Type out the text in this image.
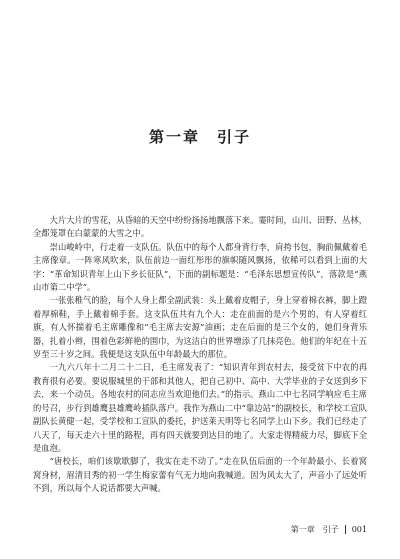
第一章　引子

大片大片的雪花，从昏暗的天空中纷纷扬扬地飘落下来。霎时间，山川、田野、丛林，全都笼罩在白蒙蒙的大雪之中。

崇山峻岭中，行走着一支队伍。队伍中的每个人都身背行李，肩挎书包，胸前佩戴着毛主席像章。一阵寒风吹来，队伍前边一面红彤彤的旗帜随风飘扬，依稀可以看到上面的大字：“革命知识青年上山下乡长征队”，下面的副标题是：“毛泽东思想宣传队”，落款是“燕山市第二中学”。

一张张稚气的脸，每个人身上都全副武装：头上戴着皮帽子，身上穿着棉衣裤，脚上蹬着厚棉鞋，手上戴着棉手套。这支队伍共有九个人：走在前面的是六个男的，有人穿着红旗，有人怀揣着毛主席雕像和“毛主席去安源”油画；走在后面的是三个女的，她们身背乐器，扎着小辫，围着色彩鲜艳的围巾，为这洁白的世界增添了几抹亮色。他们的年纪在十五岁至三十岁之间。我便是这支队伍中年龄最大的那位。

一九六八年十二月二十二日，毛主席发表了：“知识青年到农村去，接受贫下中农的再教育很有必要。要说服城里的干部和其他人，把自己初中、高中、大学毕业的子女送到乡下去，来一个动员。各地农村的同志应当欢迎他们去。”的指示。燕山二中七名同学响应毛主席的号召，步行到雄鹰县雄鹰岭插队落户。我作为燕山二中“靠边站”的副校长，和学校工宣队副队长黄健一起，受学校和工宣队的委托，护送莱天明等七名同学上山下乡。我们已经走了八天了，每天走六十里的路程，再有四天就要到达目的地了。大家走得精疲力尽，脚底下全是血泡。

“唐校长，咱们该歇歇脚了，我实在走不动了。”走在队伍后面的一个年龄最小、长着窝窝身材，眉清目秀的初一学生梅家蕾有气无力地向我喊道。因为风太大了，声音小了远处听不到，所以每个人说话都要大声喊。

第一章　引子 001
